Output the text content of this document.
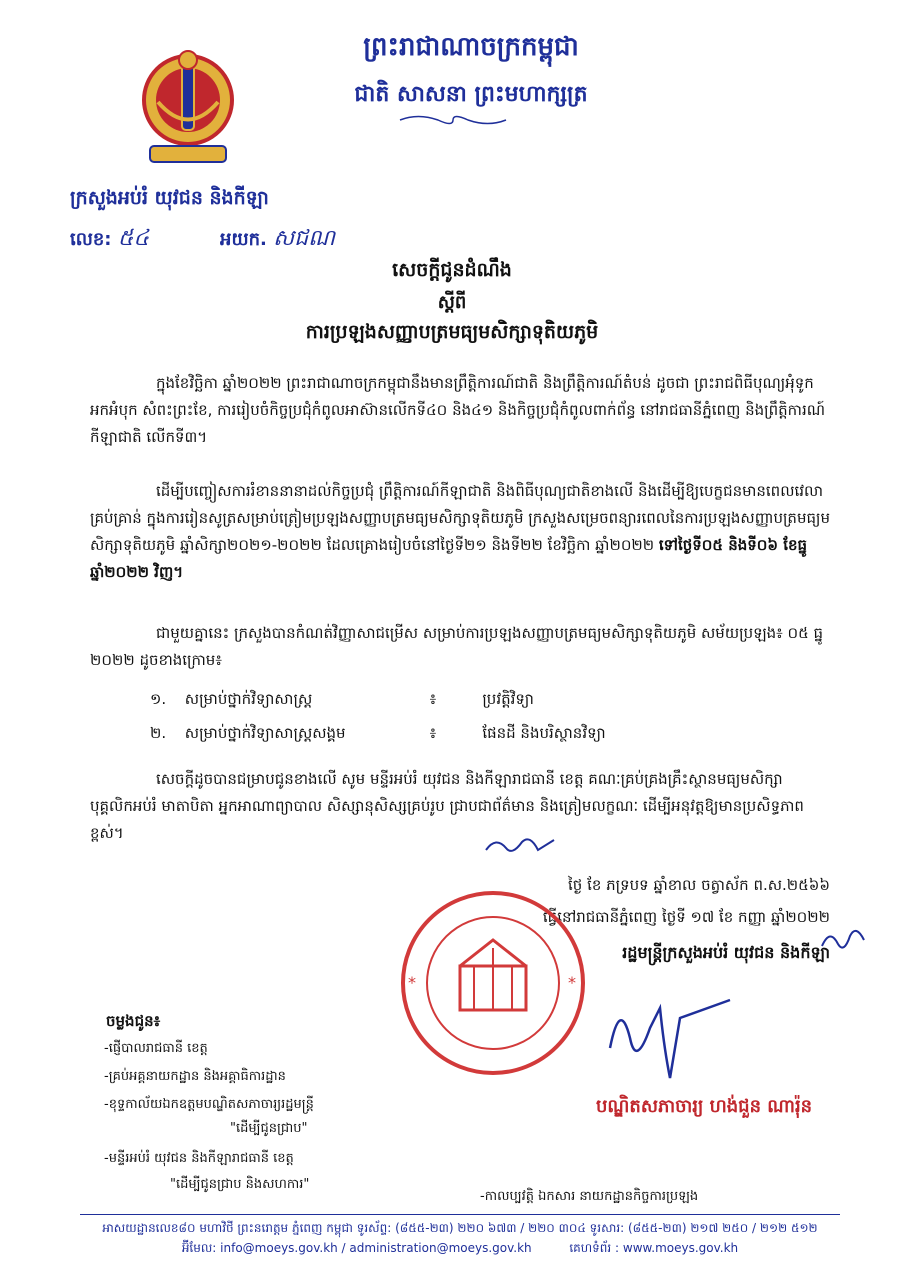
ព្រះរាជាណាចក្រកម្ពុជា
ជាតិ សាសនា ព្រះមហាក្សត្រ
ក្រសួងអប់រំ យុវជន និងកីឡា
លេខ: ៥៤	អយក. សជណ
សេចក្តីជូនដំណឹង
ស្តីពី
ការប្រឡងសញ្ញាបត្រមធ្យមសិក្សាទុតិយភូមិ

ក្នុងខែវិច្ឆិកា ឆ្នាំ២០២២ ព្រះរាជាណាចក្រកម្ពុជានឹងមានព្រឹត្តិការណ៍ជាតិ និងព្រឹត្តិការណ៍តំបន់ ដូចជា ព្រះរាជពិធីបុណ្យអុំទូក អកអំបុក សំពះព្រះខែ, ការរៀបចំកិច្ចប្រជុំកំពូលអាស៊ានលើកទី៤០ និង៤១ និងកិច្ចប្រជុំកំពូលពាក់ព័ន្ធ នៅរាជធានីភ្នំពេញ និងព្រឹត្តិការណ៍កីឡាជាតិ លើកទី៣។

ដើម្បីបញ្ចៀសការរំខាននានាដល់កិច្ចប្រជុំ ព្រឹត្តិការណ៍កីឡាជាតិ និងពិធីបុណ្យជាតិខាងលើ និងដើម្បីឱ្យបេក្ខជនមានពេលវេលាគ្រប់គ្រាន់ ក្នុងការរៀនសូត្រសម្រាប់ត្រៀមប្រឡងសញ្ញាបត្រមធ្យមសិក្សាទុតិយភូមិ ក្រសួងសម្រេចពន្យារពេលនៃការប្រឡងសញ្ញាបត្រមធ្យមសិក្សាទុតិយភូមិ ឆ្នាំសិក្សា២០២១-២០២២ ដែលគ្រោងរៀបចំនៅថ្ងៃទី២១ និងទី២២ ខែវិច្ឆិកា ឆ្នាំ២០២២ ទៅថ្ងៃទី០៥ និងទី០៦ ខែធ្នូ ឆ្នាំ២០២២ វិញ។

ជាមួយគ្នានេះ ក្រសួងបានកំណត់វិញ្ញាសាជម្រើស សម្រាប់ការប្រឡងសញ្ញាបត្រមធ្យមសិក្សាទុតិយភូមិ សម័យប្រឡង៖ ០៥ ធ្នូ ២០២២ ដូចខាងក្រោម៖

១. សម្រាប់ថ្នាក់វិទ្យាសាស្ត្រ	៖	ប្រវត្តិវិទ្យា
២. សម្រាប់ថ្នាក់វិទ្យាសាស្ត្រសង្គម	៖	ផែនដី និងបរិស្ថានវិទ្យា

សេចក្តីដូចបានជម្រាបជូនខាងលើ សូម មន្ទីរអប់រំ យុវជន និងកីឡារាជធានី ខេត្ត គណៈគ្រប់គ្រងគ្រឹះស្ថានមធ្យមសិក្សា បុគ្គលិកអប់រំ មាតាបិតា អ្នកអាណាព្យាបាល សិស្សានុសិស្សគ្រប់រូប ជ្រាបជាព័ត៌មាន និងត្រៀមលក្ខណៈ ដើម្បីអនុវត្តឱ្យមានប្រសិទ្ធភាពខ្ពស់។

ថ្ងៃ ខែ ភទ្របទ ឆ្នាំខាល ចត្វាស័ក ព.ស.២៥៦៦
ធ្វើនៅរាជធានីភ្នំពេញ ថ្ងៃទី ១៧ ខែ កញ្ញា ឆ្នាំ២០២២
រដ្ឋមន្ត្រីក្រសួងអប់រំ យុវជន និងកីឡា
*	*
បណ្ឌិតសភាចារ្យ ហង់ជួន ណារ៉ុន
ចម្លងជូន៖
-ផ្ញើបាលរាជធានី ខេត្ត
-គ្រប់អគ្គនាយកដ្ឋាន និងអគ្គាធិការដ្ឋាន
-ខុទ្ទកាល័យឯកឧត្តមបណ្ឌិតសភាចារ្យរដ្ឋមន្ត្រី
"ដើម្បីជូនជ្រាប"
-មន្ទីរអប់រំ យុវជន និងកីឡារាជធានី ខេត្ត
"ដើម្បីជូនជ្រាប និងសហការ"
-កាលប្បវត្តិ ឯកសារ នាយកដ្ឋានកិច្ចការប្រឡង
អាសយដ្ឋានលេខ៨០ មហាវិថី ព្រះនរោត្តម ភ្នំពេញ កម្ពុជា ទូរស័ព្ទ: (៨៥៥-២៣) ២២០ ៦៧៣ / ២២០ ៣០៤ ទូរសារ: (៨៥៥-២៣) ២១៧ ២៥០ / ២១២ ៥១២
អ៊ីមែល: info@moeys.gov.kh / administration@moeys.gov.kh	គេហទំព័រ : www.moeys.gov.kh
